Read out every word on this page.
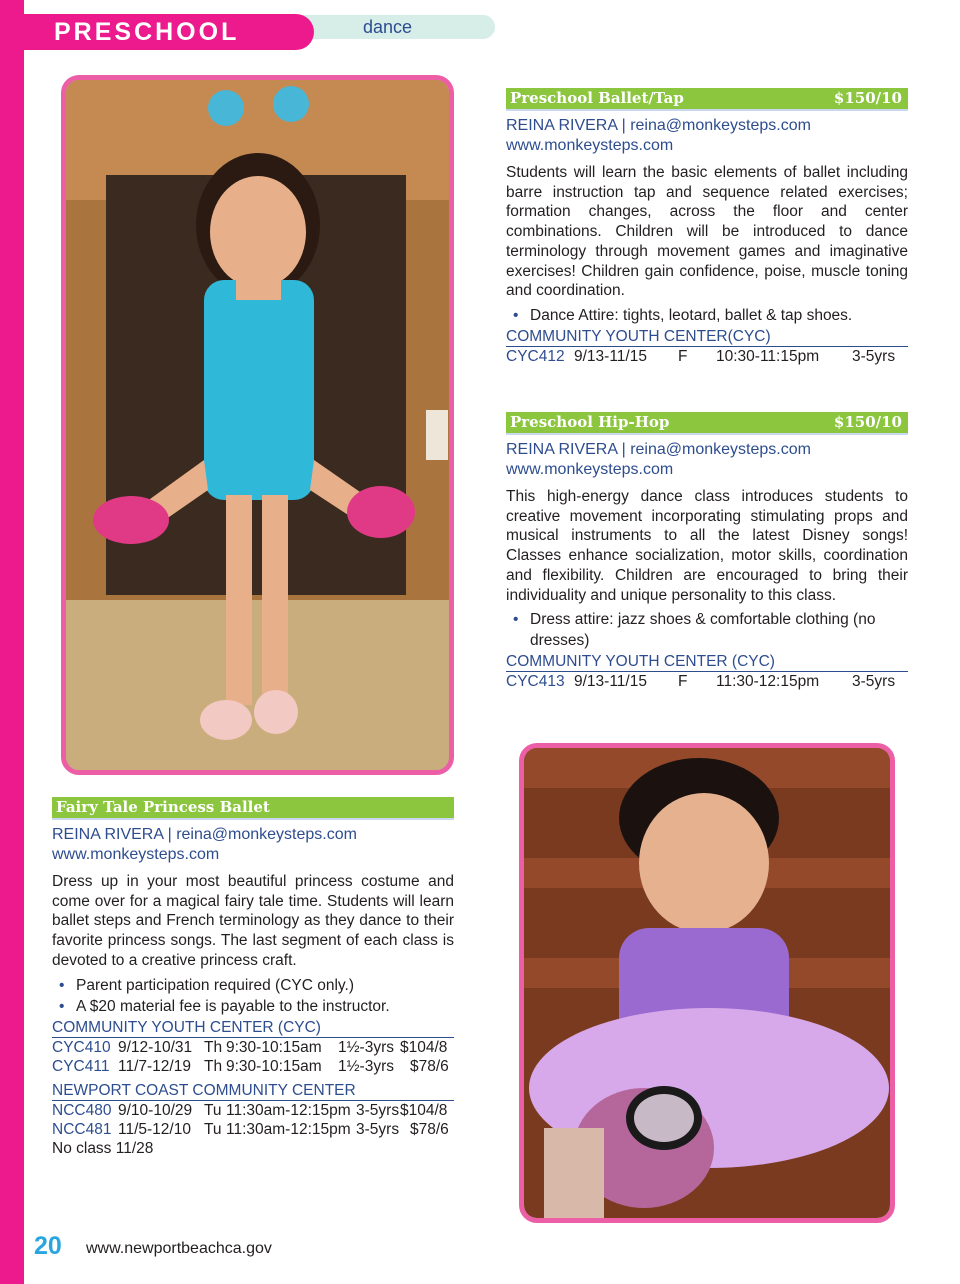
PRESCHOOL	dance
Preschool Ballet/Tap	$150/10
REINA RIVERA | reina@monkeysteps.com
www.monkeysteps.com
Students will learn the basic elements of ballet including barre instruction tap and sequence related exercises; formation changes, across the floor and center combinations. Children will be introduced to dance terminology through movement games and imaginative exercises! Children gain confidence, poise, muscle toning and coordination.
• Dance Attire: tights, leotard, ballet & tap shoes.
COMMUNITY YOUTH CENTER(CYC)
CYC412 9/13-11/15 F 10:30-11:15pm 3-5yrs
Preschool Hip-Hop	$150/10
REINA RIVERA | reina@monkeysteps.com
www.monkeysteps.com
This high-energy dance class introduces students to creative movement incorporating stimulating props and musical instruments to all the latest Disney songs! Classes enhance socialization, motor skills, coordination and flexibility. Children are encouraged to bring their individuality and unique personality to this class.
• Dress attire: jazz shoes & comfortable clothing (no dresses)
COMMUNITY YOUTH CENTER (CYC)
CYC413 9/13-11/15 F 11:30-12:15pm 3-5yrs
Fairy Tale Princess Ballet
REINA RIVERA | reina@monkeysteps.com
www.monkeysteps.com
Dress up in your most beautiful princess costume and come over for a magical fairy tale time. Students will learn ballet steps and French terminology as they dance to their favorite princess songs. The last segment of each class is devoted to a creative princess craft.
• Parent participation required (CYC only.)
• A $20 material fee is payable to the instructor.
COMMUNITY YOUTH CENTER (CYC)
CYC410 9/12-10/31 Th 9:30-10:15am 1½-3yrs $104/8
CYC411 11/7-12/19 Th 9:30-10:15am 1½-3yrs $78/6
NEWPORT COAST COMMUNITY CENTER
NCC480 9/10-10/29 Tu 11:30am-12:15pm 3-5yrs $104/8
NCC481 11/5-12/10 Tu 11:30am-12:15pm 3-5yrs $78/6
No class 11/28
20 www.newportbeachca.gov
